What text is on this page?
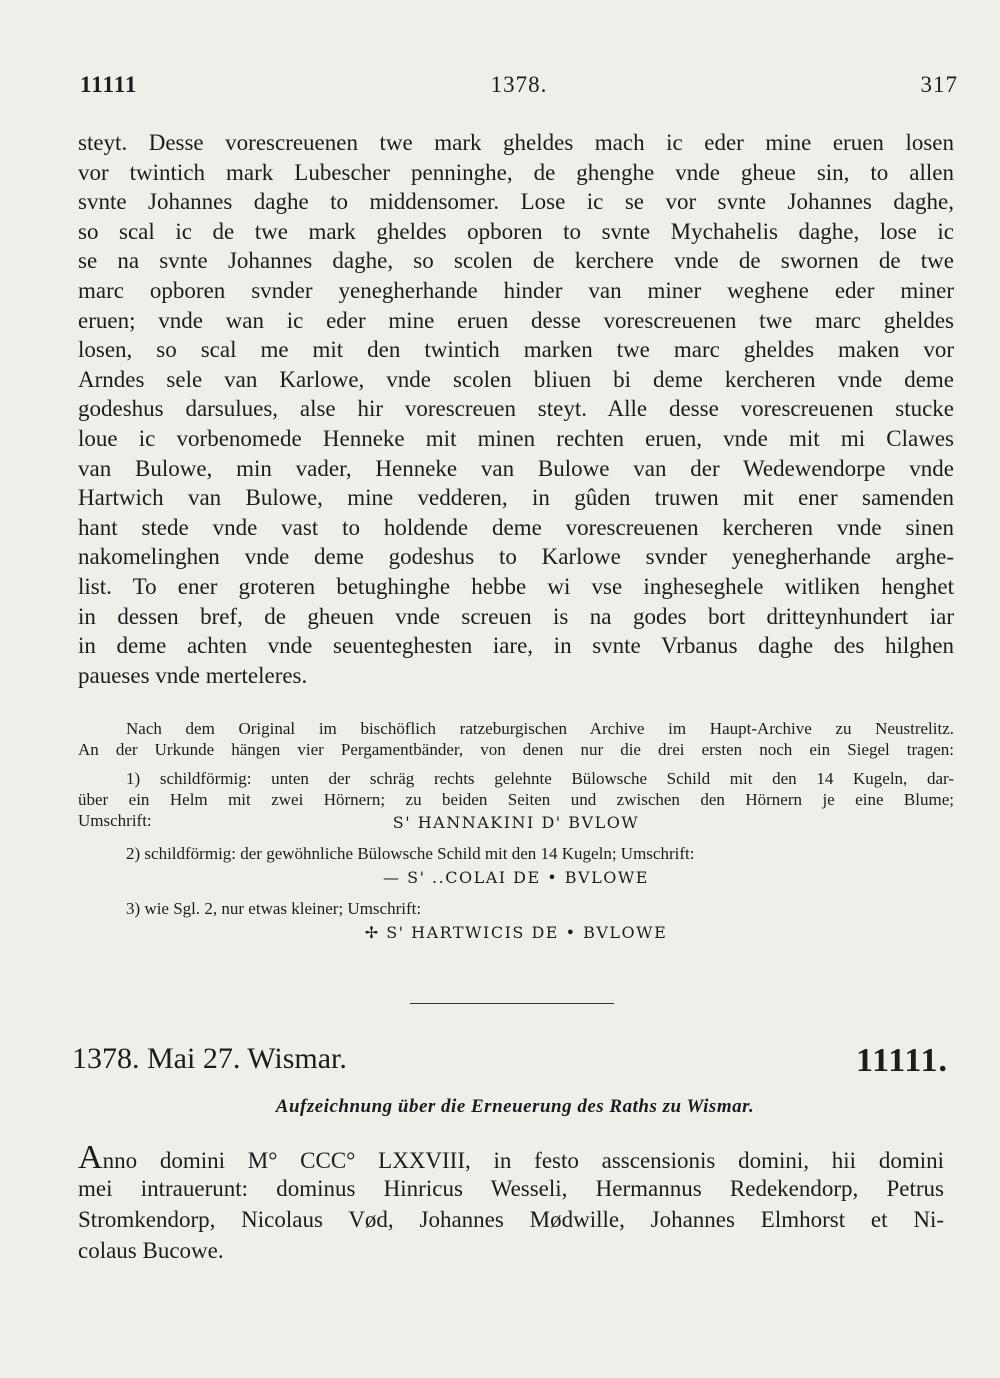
11111	1378.	317
steyt. Desse vorescreuenen twe mark gheldes mach ic eder mine eruen losen
vor twintich mark Lubescher penninghe, de ghenghe vnde gheue sin, to allen
svnte Johannes daghe to middensomer. Lose ic se vor svnte Johannes daghe,
so scal ic de twe mark gheldes opboren to svnte Mychahelis daghe, lose ic
se na svnte Johannes daghe, so scolen de kerchere vnde de swornen de twe
marc opboren svnder yenegherhande hinder van miner weghene eder miner
eruen; vnde wan ic eder mine eruen desse vorescreuenen twe marc gheldes
losen, so scal me mit den twintich marken twe marc gheldes maken vor
Arndes sele van Karlowe, vnde scolen bliuen bi deme kercheren vnde deme
godeshus darsulues, alse hir vorescreuen steyt. Alle desse vorescreuenen stucke
loue ic vorbenomede Henneke mit minen rechten eruen, vnde mit mi Clawes
van Bulowe, min vader, Henneke van Bulowe van der Wedewendorpe vnde
Hartwich van Bulowe, mine vedderen, in gûden truwen mit ener samenden
hant stede vnde vast to holdende deme vorescreuenen kercheren vnde sinen
nakomelinghen vnde deme godeshus to Karlowe svnder yenegherhande arghe-
list. To ener groteren betughinghe hebbe wi vse ingheseghele witliken henghet
in dessen bref, de gheuen vnde screuen is na godes bort dritteynhundert iar
in deme achten vnde seuenteghesten iare, in svnte Vrbanus daghe des hilghen
paueses vnde merteleres.
Nach dem Original im bischöflich ratzeburgischen Archive im Haupt-Archive zu Neustrelitz.
An der Urkunde hängen vier Pergamentbänder, von denen nur die drei ersten noch ein Siegel tragen:
1) schildförmig: unten der schräg rechts gelehnte Bülowsche Schild mit den 14 Kugeln, dar-
über ein Helm mit zwei Hörnern; zu beiden Seiten und zwischen den Hörnern je eine Blume;
Umschrift:	S' HANNAKINI D' BVLOW
2) schildförmig: der gewöhnliche Bülowsche Schild mit den 14 Kugeln; Umschrift:
— S' ..COLAI DE • BVLOWE
3) wie Sgl. 2, nur etwas kleiner; Umschrift:
✢ S' HARTWICIS DE • BVLOWE
1378. Mai 27. Wismar.	11111.
Aufzeichnung über die Erneuerung des Raths zu Wismar.
Anno domini M° CCC° LXXVIII, in festo asscensionis domini, hii domini
mei intrauerunt: dominus Hinricus Wesseli, Hermannus Redekendorp, Petrus
Stromkendorp, Nicolaus Vød, Johannes Mødwille, Johannes Elmhorst et Ni-
colaus Bucowe.
